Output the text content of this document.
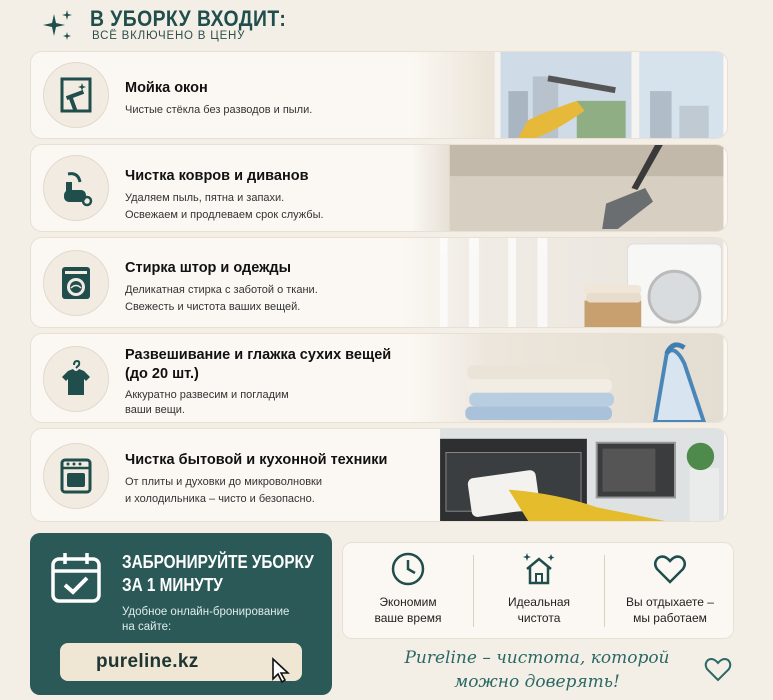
В УБОРКУ ВХОДИТ:
ВСЁ ВКЛЮЧЕНО В ЦЕНУ
Мойка окон
Чистые стёкла без разводов и пыли.
Чистка ковров и диванов
Удаляем пыль, пятна и запахи.
Освежаем и продлеваем срок службы.
Стирка штор и одежды
Деликатная стирка с заботой о ткани.
Свежесть и чистота ваших вещей.
Развешивание и глажка сухих вещей
(до 20 шт.)
Аккуратно развесим и погладим
ваши вещи.
Чистка бытовой и кухонной техники
От плиты и духовки до микроволновки
и холодильника – чисто и безопасно.
ЗАБРОНИРУЙТЕ УБОРКУ
ЗА 1 МИНУТУ
Удобное онлайн-бронирование
на сайте:
pureline.kz
Экономим
ваше время
Идеальная
чистота
Вы отдыхаете –
мы работаем
Pureline – чистота, которой
можно доверять!
